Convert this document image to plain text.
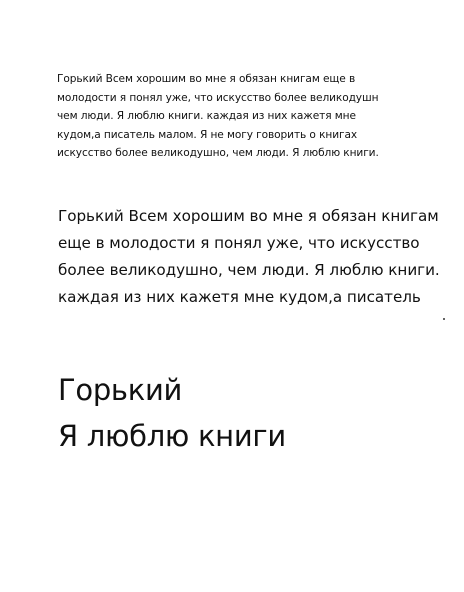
Горький Всем хорошим во мне я обязан книгам еще в
молодости я понял уже, что искусство более великодушн
чем люди. Я люблю книги. каждая из них кажетя мне
кудом,а писатель малом. Я не могу говорить о книгах
искусство более великодушно, чем люди. Я люблю книги.
Горький Всем хорошим во мне я обязан книгам
еще в молодости я понял уже, что искусство
более великодушно, чем люди. Я люблю книги.
каждая из них кажетя мне кудом,а писатель
Горький
Я люблю книги
